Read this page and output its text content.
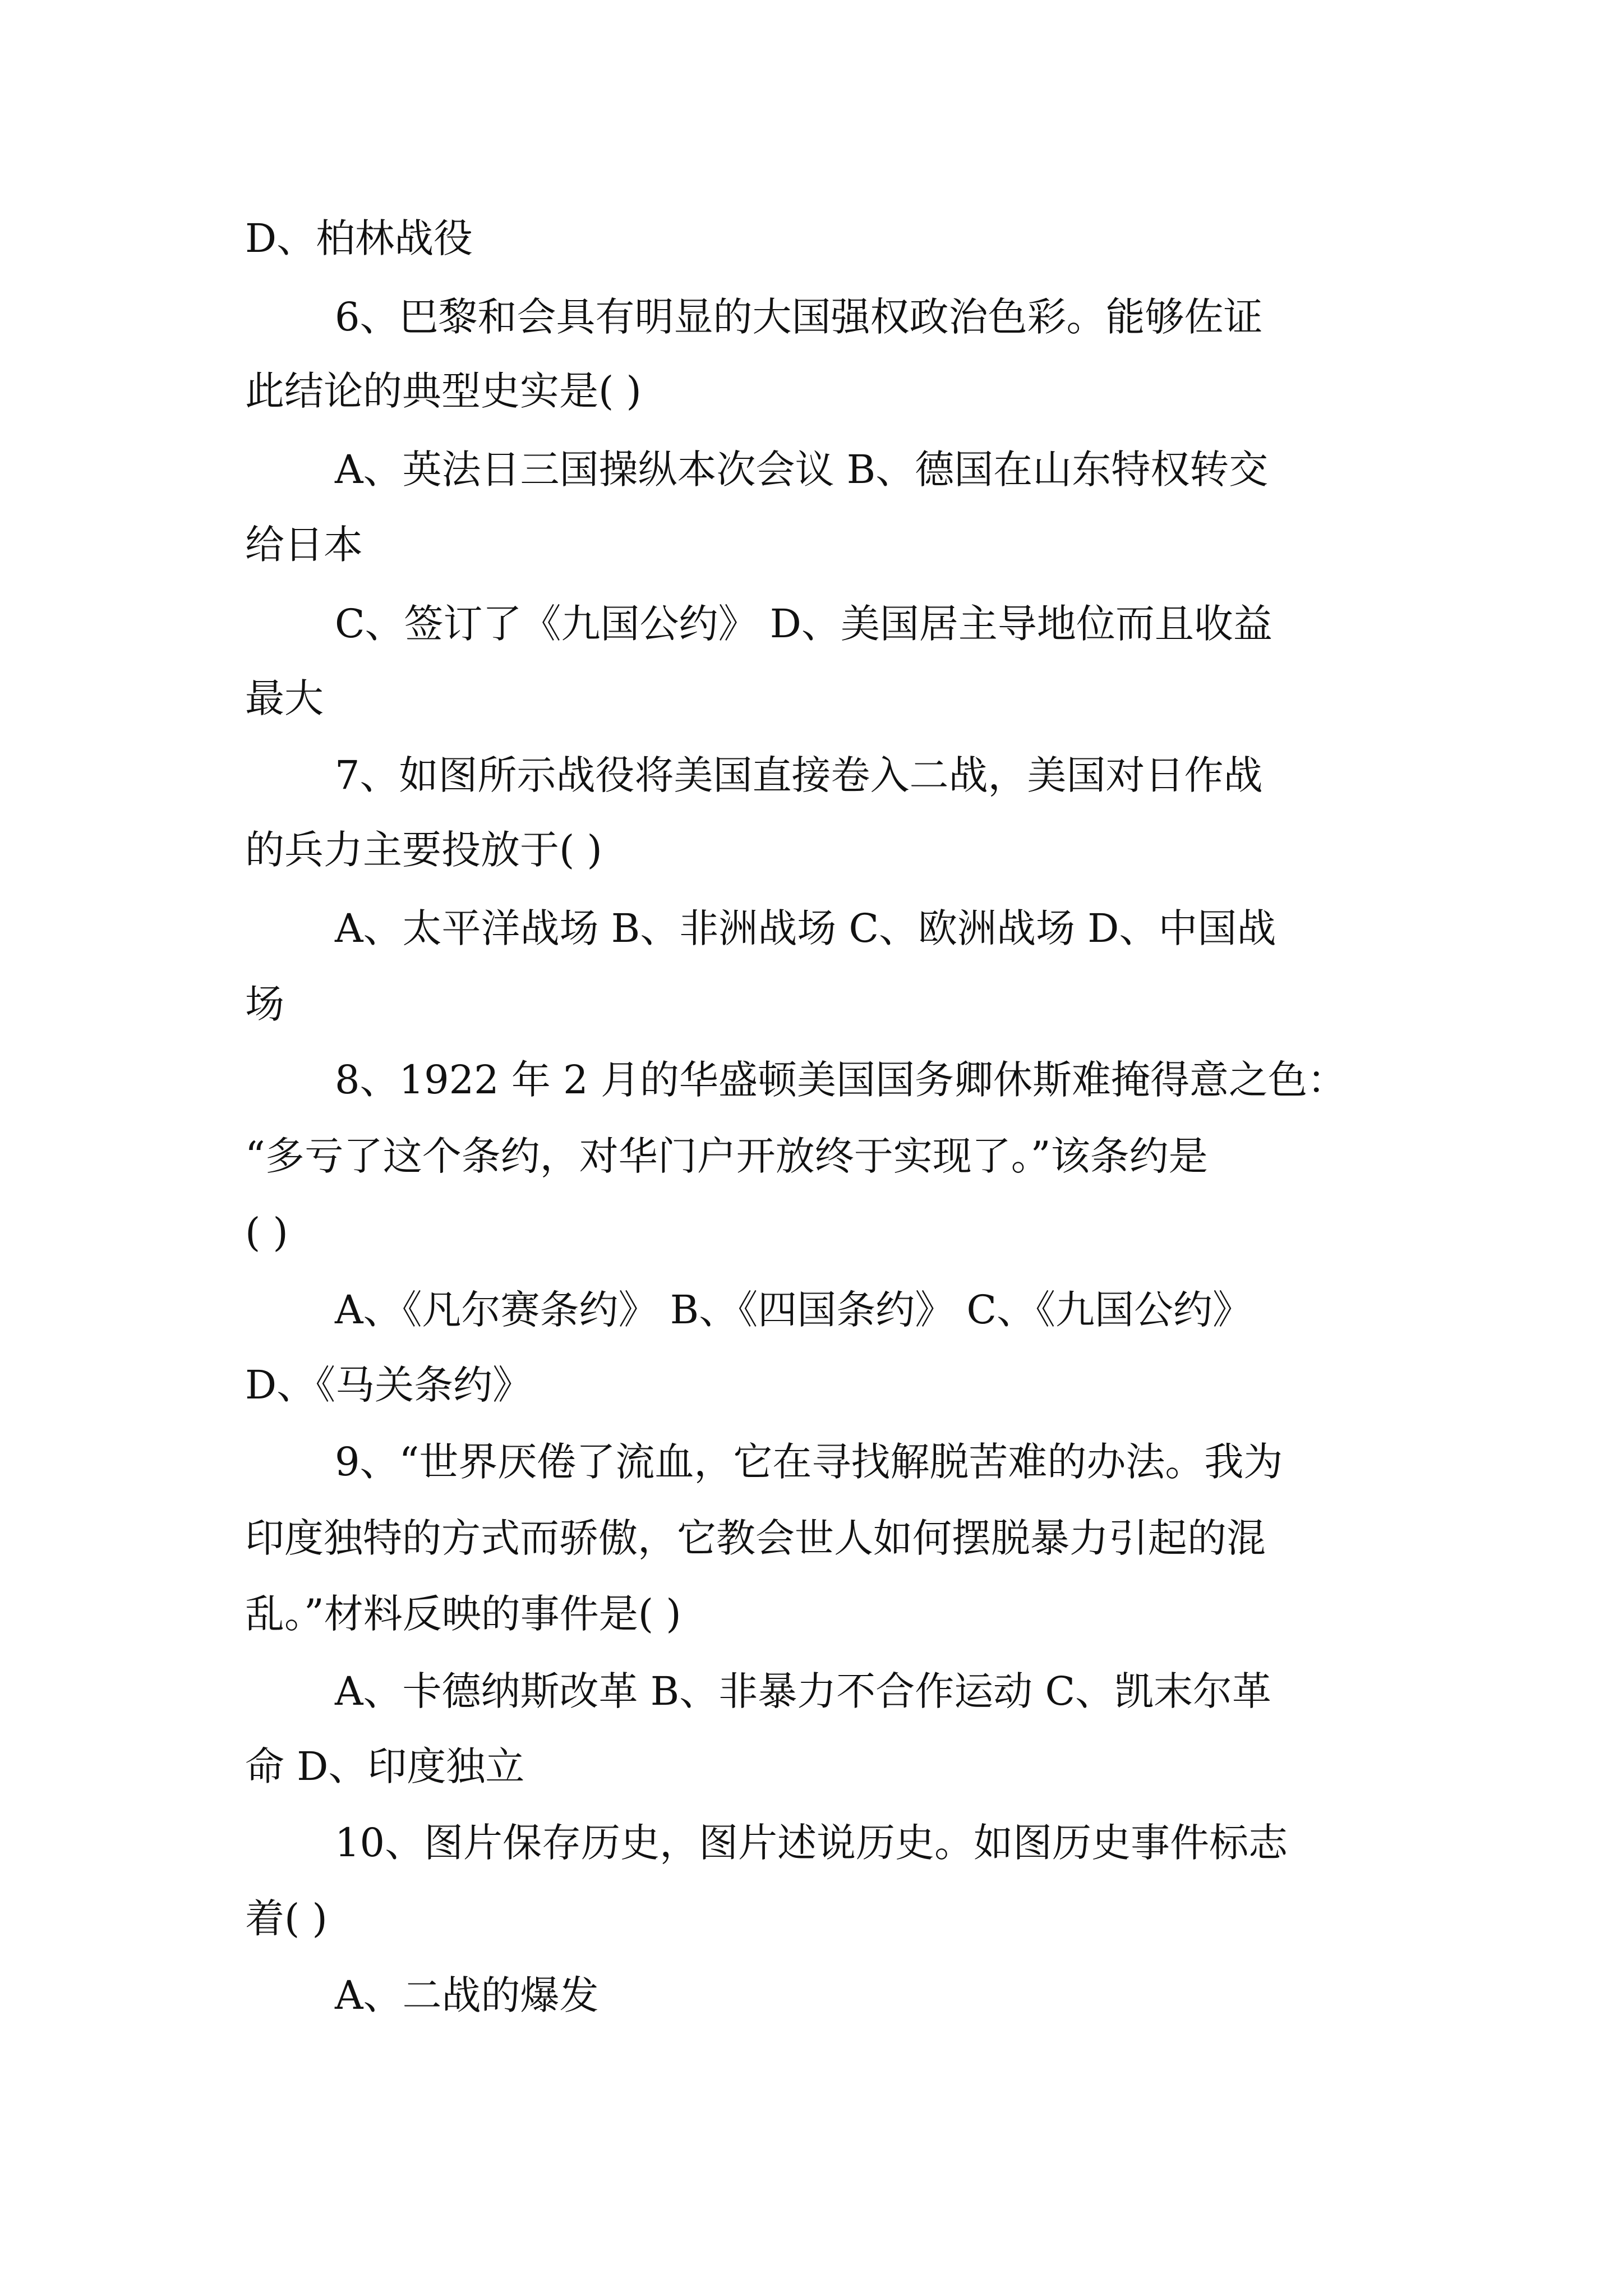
D、柏林战役
6、巴黎和会具有明显的大国强权政治色彩。能够佐证
此结论的典型史实是( )
A、英法日三国操纵本次会议 B、德国在山东特权转交
给日本
C、签订了《九国公约》 D、美国居主导地位而且收益
最大
7、如图所示战役将美国直接卷入二战，美国对日作战
的兵力主要投放于( )
A、太平洋战场 B、非洲战场 C、欧洲战场 D、中国战
场
8、1922 年 2 月的华盛顿美国国务卿休斯难掩得意之色：
“多亏了这个条约，对华门户开放终于实现了。”该条约是
( )
A、《凡尔赛条约》 B、《四国条约》 C、《九国公约》
D、《马关条约》
9、“世界厌倦了流血，它在寻找解脱苦难的办法。我为
印度独特的方式而骄傲，它教会世人如何摆脱暴力引起的混
乱。”材料反映的事件是( )
A、卡德纳斯改革 B、非暴力不合作运动 C、凯末尔革
命 D、印度独立
10、图片保存历史，图片述说历史。如图历史事件标志
着( )
A、二战的爆发
